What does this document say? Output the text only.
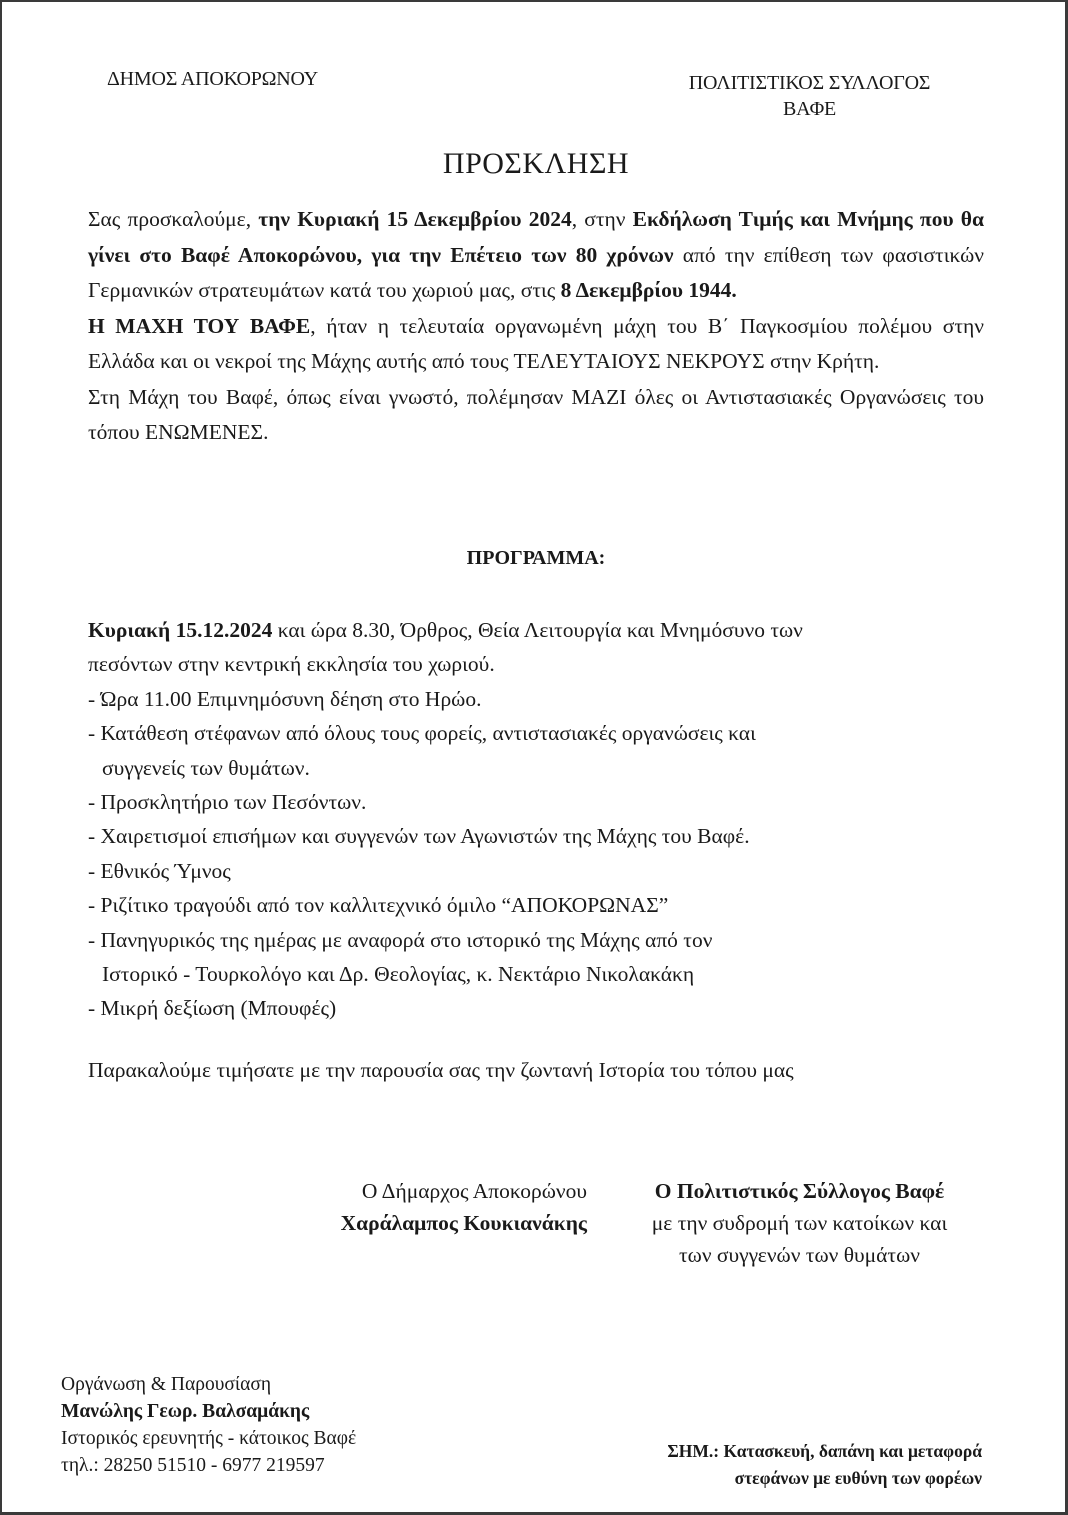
ΔΗΜΟΣ ΑΠΟΚΟΡΩΝΟΥ	ΠΟΛΙΤΙΣΤΙΚΟΣ ΣΥΛΛΟΓΟΣ
ΒΑΦΕ
ΠΡΟΣΚΛΗΣΗ

Σας προσκαλούμε, την Κυριακή 15 Δεκεμβρίου 2024, στην Εκδήλωση Τιμής και Μνήμης που θα γίνει στο Βαφέ Αποκορώνου, για την Επέτειο των 80 χρόνων από την επίθεση των φασιστικών Γερμανικών στρατευμάτων κατά του χωριού μας, στις 8 Δεκεμβρίου 1944.

Η ΜΑΧΗ ΤΟΥ ΒΑΦΕ, ήταν η τελευταία οργανωμένη μάχη του Β΄ Παγκοσμίου πολέμου στην Ελλάδα και οι νεκροί της Μάχης αυτής από τους ΤΕΛΕΥΤΑΙΟΥΣ ΝΕΚΡΟΥΣ στην Κρήτη.

Στη Μάχη του Βαφέ, όπως είναι γνωστό, πολέμησαν ΜΑΖΙ όλες οι Αντιστασιακές Οργανώσεις του τόπου ΕΝΩΜΕΝΕΣ.

ΠΡΟΓΡΑΜΜΑ:
Κυριακή 15.12.2024 και ώρα 8.30, Όρθρος, Θεία Λειτουργία και Μνημόσυνο των
πεσόντων στην κεντρική εκκλησία του χωριού.
- Ώρα 11.00 Επιμνημόσυνη δέηση στο Ηρώο.
- Κατάθεση στέφανων από όλους τους φορείς, αντιστασιακές οργανώσεις και
συγγενείς των θυμάτων.
- Προσκλητήριο των Πεσόντων.
- Χαιρετισμοί επισήμων και συγγενών των Αγωνιστών της Μάχης του Βαφέ.
- Εθνικός Ύμνος
- Ριζίτικο τραγούδι από τον καλλιτεχνικό όμιλο “ΑΠΟΚΟΡΩΝΑΣ”
- Πανηγυρικός της ημέρας με αναφορά στο ιστορικό της Μάχης από τον
Ιστορικό - Τουρκολόγο και Δρ. Θεολογίας, κ. Νεκτάριο Νικολακάκη
- Μικρή δεξίωση (Μπουφές)
Παρακαλούμε τιμήσατε με την παρουσία σας την ζωντανή Ιστορία του τόπου μας
Ο Δήμαρχος Αποκορώνου
Χαράλαμπος Κουκιανάκης
Ο Πολιτιστικός Σύλλογος Βαφέ
με την συδρομή των κατοίκων και
των συγγενών των θυμάτων
Οργάνωση & Παρουσίαση
Μανώλης Γεωρ. Βαλσαμάκης
Ιστορικός ερευνητής - κάτοικος Βαφέ
τηλ.: 28250 51510 - 6977 219597
ΣΗΜ.: Κατασκευή, δαπάνη και μεταφορά
στεφάνων με ευθύνη των φορέων
